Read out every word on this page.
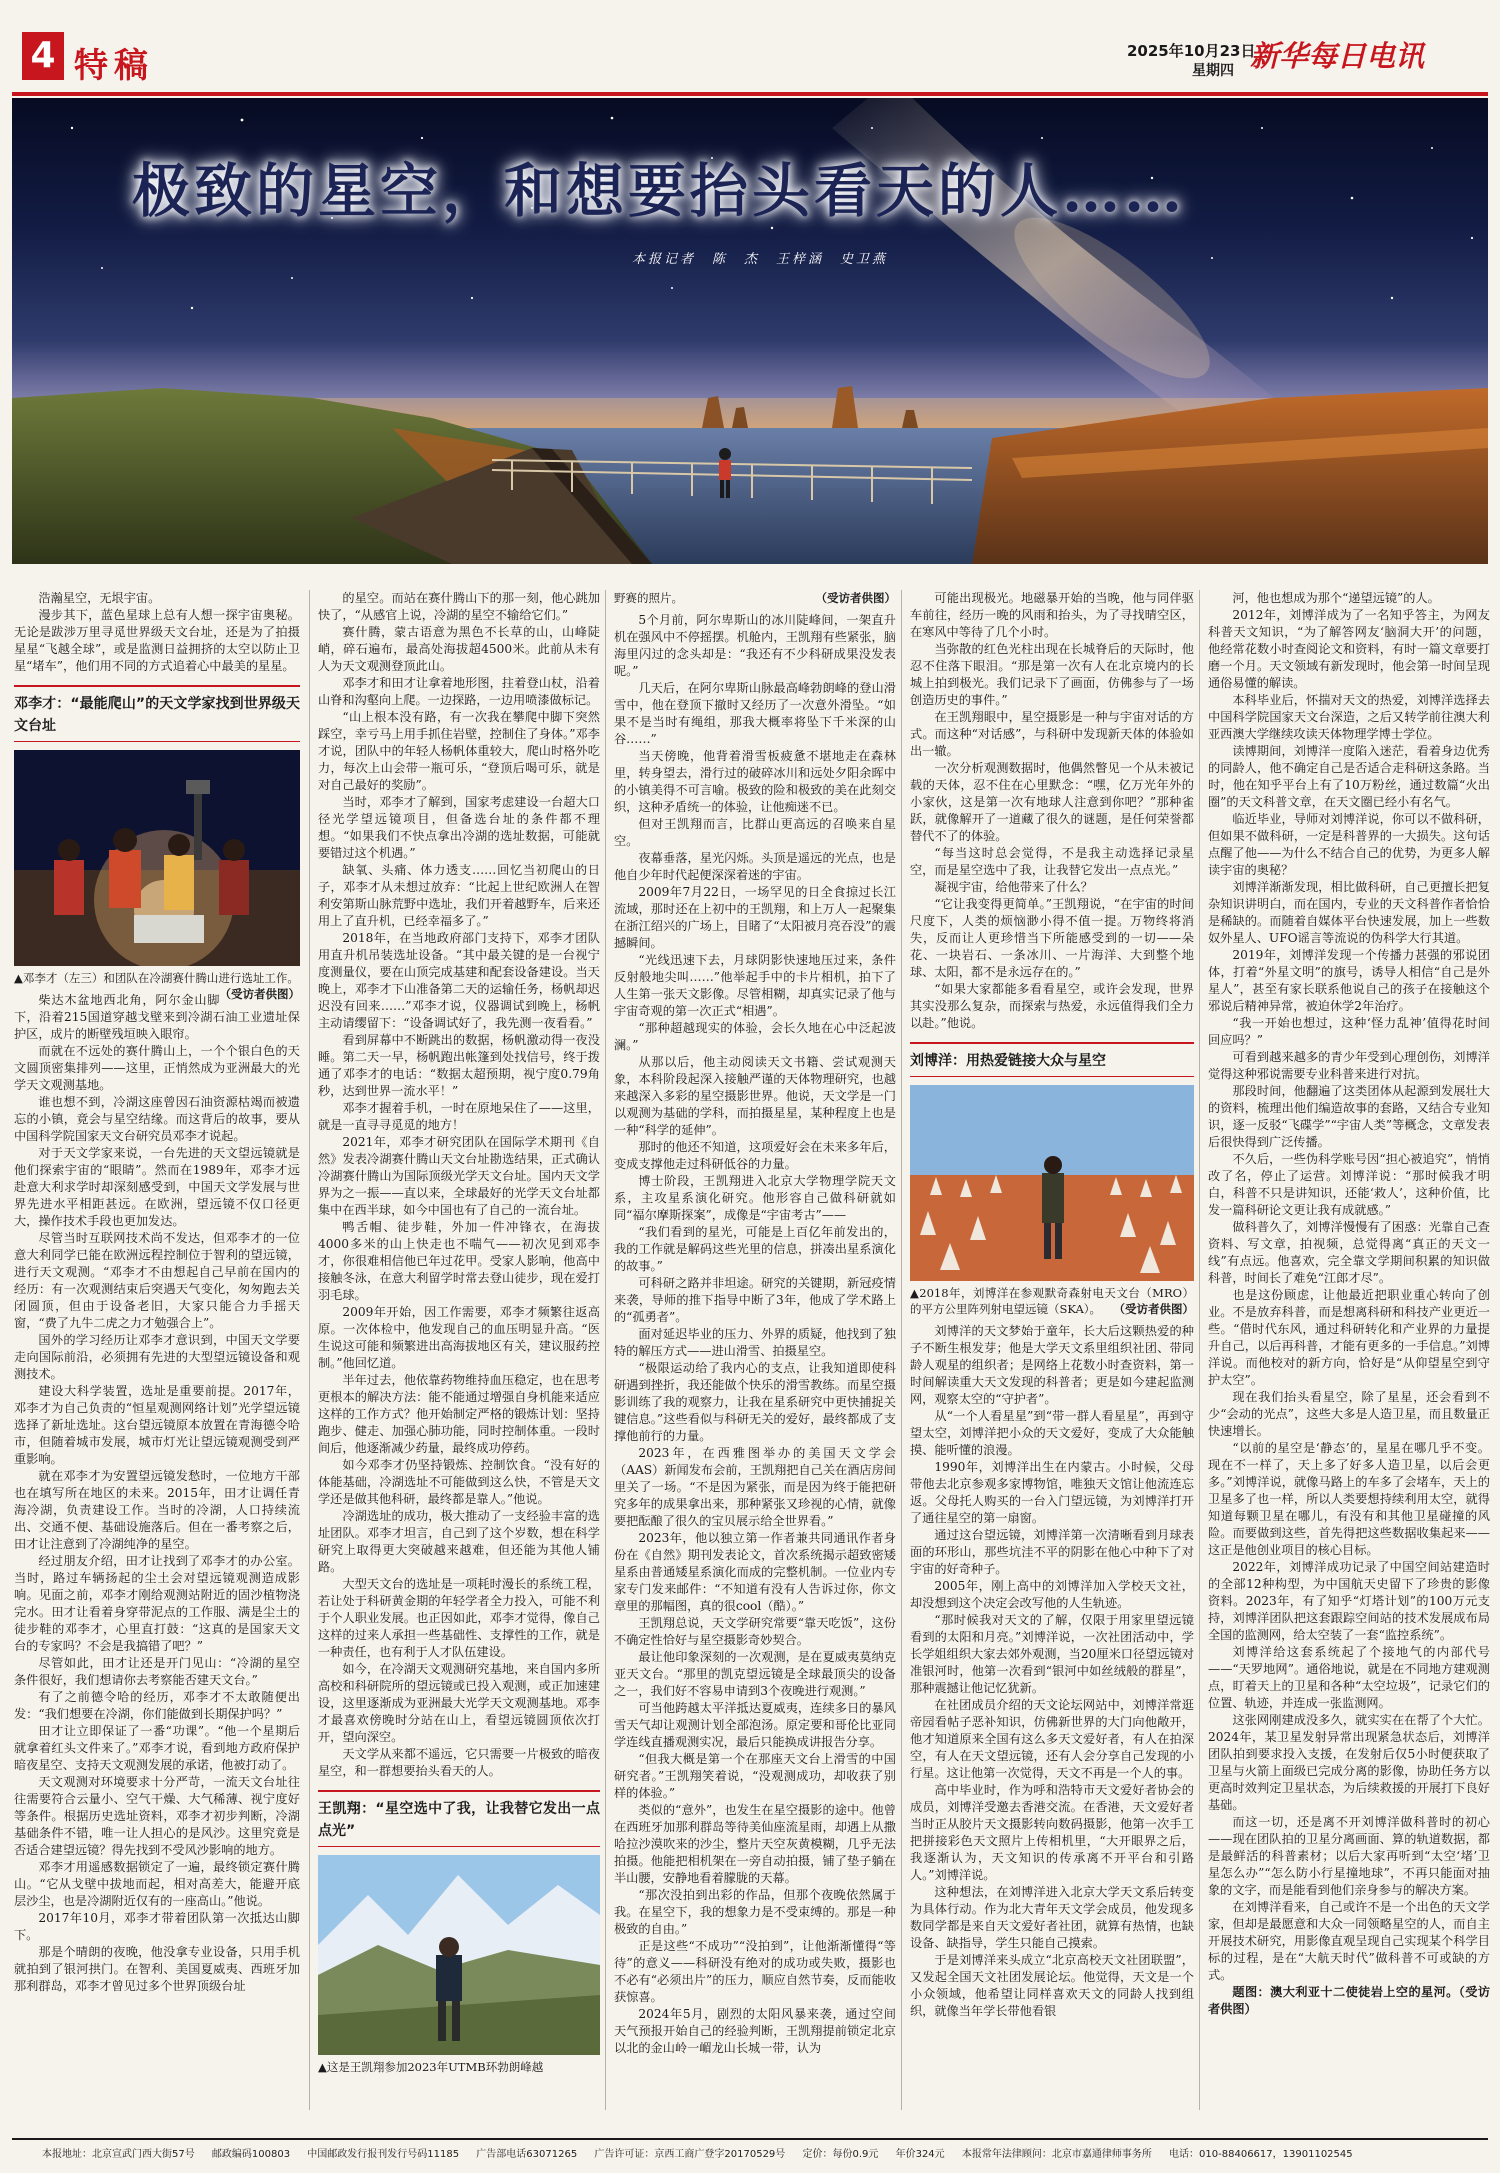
4 特稿	2025年10月23日
星期四 新华每日电讯
极致的星空，和想要抬头看天的人……
本报记者　陈　杰　王梓涵　史卫燕

浩瀚星空，无垠宇宙。

漫步其下，蓝色星球上总有人想一探宇宙奥秘。无论是跋涉万里寻觅世界级天文台址，还是为了拍摄星星“飞越全球”，或是监测日益拥挤的太空以防止卫星“堵车”，他们用不同的方式追着心中最美的星星。

邓李才：“最能爬山”的天文学家找到世界级天文台址
▲邓李才（左三）和团队在冷湖赛什腾山进行选址工作。
（受访者供图）

柴达木盆地西北角，阿尔金山脚下，沿着215国道穿越戈壁来到冷湖石油工业遗址保护区，成片的断壁残垣映入眼帘。

而就在不远处的赛什腾山上，一个个银白色的天文圆顶密集排列——这里，正悄然成为亚洲最大的光学天文观测基地。

谁也想不到，冷湖这座曾因石油资源枯竭而被遗忘的小镇，竟会与星空结缘。而这背后的故事，要从中国科学院国家天文台研究员邓李才说起。

对于天文学家来说，一台先进的天文望远镜就是他们探索宇宙的“眼睛”。然而在1989年，邓李才远赴意大利求学时却深刻感受到，中国天文学发展与世界先进水平相距甚远。在欧洲，望远镜不仅口径更大，操作技术手段也更加发达。

尽管当时互联网技术尚不发达，但邓李才的一位意大利同学已能在欧洲远程控制位于智利的望远镜，进行天文观测。“邓李才不由想起自己早前在国内的经历：有一次观测结束后突遇天气变化，匆匆跑去关闭圆顶，但由于设备老旧，大家只能合力手摇天窗，“费了九牛二虎之力才勉强合上”。

国外的学习经历让邓李才意识到，中国天文学要走向国际前沿，必须拥有先进的大型望远镜设备和观测技术。

建设大科学装置，选址是重要前提。2017年，邓李才为自己负责的“恒星观测网络计划”光学望远镜选择了新址选址。这台望远镜原本放置在青海德令哈市，但随着城市发展，城市灯光让望远镜观测受到严重影响。

就在邓李才为安置望远镜发愁时，一位地方干部也在填写所在地区的未来。2015年，田才让调任青海冷湖，负责建设工作。当时的冷湖，人口持续流出、交通不便、基础设施落后。但在一番考察之后，田才让注意到了冷湖纯净的星空。

经过朋友介绍，田才让找到了邓李才的办公室。当时，路过车辆扬起的尘土会对望远镜观测造成影响。见面之前，邓李才刚给观测站附近的固沙植物浇完水。田才让看着身穿带泥点的工作服、满是尘土的徒步鞋的邓李才，心里直打鼓：“这真的是国家天文台的专家吗？不会是我搞错了吧？”

尽管如此，田才让还是开门见山：“冷湖的星空条件很好，我们想请你去考察能否建天文台。”

有了之前德令哈的经历，邓李才不太敢随便出发：“我们想要在冷湖，你们能做到长期保护吗？”

田才让立即保证了一番“功课”。“他一个星期后就拿着红头文件来了。”邓李才说，看到地方政府保护暗夜星空、支持天文观测发展的承诺，他被打动了。

天文观测对环境要求十分严苛，一流天文台址往往需要符合云量小、空气干燥、大气稀薄、视宁度好等条件。根据历史选址资料，邓李才初步判断，冷湖基础条件不错，唯一让人担心的是风沙。这里究竟是否适合建望远镜？得先找到不受风沙影响的地方。

邓李才用遥感数据锁定了一遍，最终锁定赛什腾山。“它从戈壁中拔地而起，相对高差大，能避开底层沙尘，也是冷湖附近仅有的一座高山。”他说。

2017年10月，邓李才带着团队第一次抵达山脚下。

那是个晴朗的夜晚，他没拿专业设备，只用手机就拍到了银河拱门。在智利、美国夏威夷、西班牙加那利群岛，邓李才曾见过多个世界顶级台址

的星空。而站在赛什腾山下的那一刻，他心跳加快了，“从感官上说，冷湖的星空不输给它们。”

赛什腾，蒙古语意为黑色不长草的山，山峰陡峭，碎石遍布，最高处海拔超4500米。此前从未有人为天文观测登顶此山。

邓李才和田才让拿着地形图，拄着登山杖，沿着山脊和沟壑向上爬。一边探路，一边用喷漆做标记。

“山上根本没有路，有一次我在攀爬中脚下突然踩空，幸亏马上用手抓住岩壁，控制住了身体。”邓李才说，团队中的年轻人杨帆体重较大，爬山时格外吃力，每次上山会带一瓶可乐，“登顶后喝可乐，就是对自己最好的奖励”。

当时，邓李才了解到，国家考虑建设一台超大口径光学望远镜项目，但备选台址的条件都不理想。“如果我们不快点拿出冷湖的选址数据，可能就要错过这个机遇。”

缺氧、头痛、体力透支……回忆当初爬山的日子，邓李才从未想过放弃：“比起上世纪欧洲人在智利安第斯山脉荒野中选址，我们开着越野车，后来还用上了直升机，已经幸福多了。”

2018年，在当地政府部门支持下，邓李才团队用直升机吊装选址设备。“其中最关键的是一台视宁度测量仪，要在山顶完成基建和配套设备建设。当天晚上，邓李才下山准备第二天的运输任务，杨帆却迟迟没有回来……”邓李才说，仪器调试到晚上，杨帆主动请缨留下：“设备调试好了，我先测一夜看看。”

看到屏幕中不断跳出的数据，杨帆激动得一夜没睡。第二天一早，杨帆跑出帐篷到处找信号，终于拨通了邓李才的电话：“数据太超预期，视宁度0.79角秒，达到世界一流水平！”

邓李才握着手机，一时在原地呆住了——这里，就是一直寻寻觅觅的地方！

2021年，邓李才研究团队在国际学术期刊《自然》发表冷湖赛什腾山天文台址勘选结果，正式确认冷湖赛什腾山为国际顶级光学天文台址。国内天文学界为之一振——直以来，全球最好的光学天文台址都集中在西半球，如今中国也有了自己的一流台址。

鸭舌帽、徒步鞋，外加一件冲锋衣，在海拔4000多米的山上快走也不喘气——初次见到邓李才，你很难相信他已年过花甲。受家人影响，他高中接触冬泳，在意大利留学时常去登山徒步，现在爱打羽毛球。

2009年开始，因工作需要，邓李才频繁往返高原。一次体检中，他发现自己的血压明显升高。“医生说这可能和频繁进出高海拔地区有关，建议服药控制。”他回忆道。

半年过去，他依靠药物维持血压稳定，也在思考更根本的解决方法：能不能通过增强自身机能来适应这样的工作方式？他开始制定严格的锻炼计划：坚持跑步、健走、加强心肺功能，同时控制体重。一段时间后，他逐渐减少药量，最终成功停药。

如今邓李才仍坚持锻炼、控制饮食。“没有好的体能基础，冷湖选址不可能做到这么快，不管是天文学还是做其他科研，最终都是靠人。”他说。

冷湖选址的成功，极大推动了一支经验丰富的选址团队。邓李才坦言，自己到了这个岁数，想在科学研究上取得更大突破越来越难，但还能为其他人铺路。

大型天文台的选址是一项耗时漫长的系统工程，若让处于科研黄金期的年轻学者全力投入，可能不利于个人职业发展。也正因如此，邓李才觉得，像自己这样的过来人承担一些基础性、支撑性的工作，就是一种责任，也有利于人才队伍建设。

如今，在冷湖天文观测研究基地，来自国内多所高校和科研院所的望远镜或已投入观测，或正加速建设，这里逐渐成为亚洲最大光学天文观测基地。邓李才最喜欢傍晚时分站在山上，看望远镜圆顶依次打开，望向深空。

天文学从来都不遥远，它只需要一片极致的暗夜星空，和一群想要抬头看天的人。

王凯翔：“星空选中了我，让我替它发出一点点光”
▲这是王凯翔参加2023年UTMB环勃朗峰越
野赛的照片。	（受访者供图）

5个月前，阿尔卑斯山的冰川陡峰间，一架直升机在强风中不停摇摆。机舱内，王凯翔有些紧张，脑海里闪过的念头却是：“我还有不少科研成果没发表呢。”

几天后，在阿尔卑斯山脉最高峰勃朗峰的登山滑雪中，他在登顶下撤时又经历了一次意外滑坠。“如果不是当时有绳组，那我大概率将坠下千米深的山谷……”

当天傍晚，他背着滑雪板疲惫不堪地走在森林里，转身望去，滑行过的破碎冰川和远处夕阳余晖中的小镇美得不可言喻。极致的险和极致的美在此刻交织，这种矛盾统一的体验，让他痴迷不已。

但对王凯翔而言，比群山更高远的召唤来自星空。

夜幕垂落，星光闪烁。头顶是遥远的光点，也是他自少年时代起便深深着迷的宇宙。

2009年7月22日，一场罕见的日全食掠过长江流域，那时还在上初中的王凯翔，和上万人一起聚集在浙江绍兴的广场上，目睹了“太阳被月亮吞没”的震撼瞬间。

“光线迅速下去，月球阴影快速地压过来，条件反射般地尖叫……”他举起手中的卡片相机，拍下了人生第一张天文影像。尽管相糊，却真实记录了他与宇宙奇观的第一次正式“相遇”。

“那种超越现实的体验，会长久地在心中泛起波澜。”

从那以后，他主动阅读天文书籍、尝试观测天象，本科阶段起深入接触严谨的天体物理研究，也越来越深入多彩的星空摄影世界。他说，天文学是一门以观测为基础的学科，而拍摄星星，某种程度上也是一种“科学的延伸”。

那时的他还不知道，这项爱好会在未来多年后，变成支撑他走过科研低谷的力量。

博士阶段，王凯翔进入北京大学物理学院天文系，主攻星系演化研究。他形容自己做科研就如同“福尔摩斯探案”，成像是“宇宙考古”——

“我们看到的星光，可能是上百亿年前发出的，我的工作就是解码这些光里的信息，拼凑出星系演化的故事。”

可科研之路并非坦途。研究的关键期，新冠疫情来袭，导师的推下指导中断了3年，他成了学术路上的“孤勇者”。

面对延迟毕业的压力、外界的质疑，他找到了独特的解压方式——进山滑雪、拍摄星空。

“极限运动给了我内心的支点，让我知道即使科研遇到挫折，我还能做个快乐的滑雪教练。而星空摄影训练了我的观察力，让我在星系研究中更快捕捉关键信息。”这些看似与科研无关的爱好，最终都成了支撑他前行的力量。

2023年，在西雅图举办的美国天文学会（AAS）新闻发布会前，王凯翔把自己关在酒店房间里关了一场。“不是因为紧张，而是因为终于能把研究多年的成果拿出来，那种紧张又珍视的心情，就像要把酝酿了很久的宝贝展示给全世界看。”

2023年，他以独立第一作者兼共同通讯作者身份在《自然》期刊发表论文，首次系统揭示超致密矮星系由普通矮星系演化而成的完整机制。一位业内专家专门发来邮件：“不知道有没有人告诉过你，你文章里的那幅图，真的很cool（酷）。”

王凯翔总说，天文学研究常要“靠天吃饭”，这份不确定性恰好与星空摄影奇妙契合。

最让他印象深刻的一次观测，是在夏威夷莫纳克亚天文台。“那里的凯克望远镜是全球最顶尖的设备之一，我们好不容易申请到3个夜晚进行观测。”

可当他跨越太平洋抵达夏威夷，连续多日的暴风雪天气却让观测计划全部泡汤。原定要和哥伦比亚同学连线直播观测实况，最后只能换成讲报告分享。

“但我大概是第一个在那座天文台上滑雪的中国研究者。”王凯翔笑着说，“没观测成功，却收获了别样的体验。”

类似的“意外”，也发生在星空摄影的途中。他曾在西班牙加那利群岛等待美仙座流星雨，却遇上从撒哈拉沙漠吹来的沙尘，整片天空灰黄模糊，几乎无法拍摄。他能把相机架在一旁自动拍摄，铺了垫子躺在半山腰，安静地看着朦胧的天幕。

“那次没拍到出彩的作品，但那个夜晚依然属于我。在星空下，我的想象力是不受束缚的。那是一种极致的自由。”

正是这些“不成功”“没拍到”，让他渐渐懂得“等待”的意义——科研没有绝对的成功或失败，摄影也不必有“必须出片”的压力，顺应自然节奏，反而能收获惊喜。

2024年5月，剧烈的太阳风暴来袭，通过空间天气预报开始自己的经验判断，王凯翔提前锁定北京以北的金山岭一嵋龙山长城一带，认为

可能出现极光。地磁暴开始的当晚，他与同伴驱车前往，经历一晚的风雨和抬头，为了寻找晴空区，在寒风中等待了几个小时。

当弥散的红色光柱出现在长城脊后的天际时，他忍不住落下眼泪。“那是第一次有人在北京境内的长城上拍到极光。我们记录下了画面，仿佛参与了一场创造历史的事件。”

在王凯翔眼中，星空摄影是一种与宇宙对话的方式。而这种“对话感”，与科研中发现新天体的体验如出一辙。

一次分析观测数据时，他偶然瞥见一个从未被记载的天体，忍不住在心里默念：“嘿，亿万光年外的小家伙，这是第一次有地球人注意到你吧？”那种雀跃，就像解开了一道藏了很久的谜题，是任何荣誉都替代不了的体验。

“每当这时总会觉得，不是我主动选择记录星空，而是星空选中了我，让我替它发出一点点光。”

凝视宇宙，给他带来了什么？

“它让我变得更简单。”王凯翔说，“在宇宙的时间尺度下，人类的烦恼渺小得不值一提。万物终将消失，反而让人更珍惜当下所能感受到的一切——朵花、一块岩石、一条冰川、一片海洋、大到整个地球、太阳，都不是永远存在的。”

“如果大家都能多看看星空，或许会发现，世界其实没那么复杂，而探索与热爱，永远值得我们全力以赴。”他说。

刘博洋：用热爱链接大众与星空
▲2018年，刘博洋在参观默奇森射电天文台（MRO）的平方公里阵列射电望远镜（SKA）。 （受访者供图）

刘博洋的天文梦始于童年，长大后这颗热爱的种子不断生根发芽；他是大学天文系里组织社团、带同龄人观星的组织者；是网络上花数小时查资料，第一时间解读重大天文发现的科普者；更是如今建起监测网，观察太空的“守护者”。

从“一个人看星星”到“带一群人看星星”，再到守望太空，刘博洋把小众的天文爱好，变成了大众能触摸、能听懂的浪漫。

1990年，刘博洋出生在内蒙古。小时候，父母带他去北京参观多家博物馆，唯独天文馆让他流连忘返。父母托人购买的一台入门望远镜，为刘博洋打开了通往星空的第一扇窗。

通过这台望远镜，刘博洋第一次清晰看到月球表面的环形山，那些坑洼不平的阴影在他心中种下了对宇宙的好奇种子。

2005年，刚上高中的刘博洋加入学校天文社，却没想到这个决定会改写他的人生轨迹。

“那时候我对天文的了解，仅限于用家里望远镜看到的太阳和月亮。”刘博洋说，一次社团活动中，学长学姐组织大家去郊外观测，当20厘米口径望远镜对准银河时，他第一次看到“银河中如丝绒般的群星”，那种震撼让他记忆犹新。

在社团成员介绍的天文论坛网站中，刘博洋常逛帝园看帖子恶补知识，仿佛新世界的大门向他敞开，他才知道原来全国有这么多天文爱好者，有人在拍深空，有人在天文望远镜，还有人会分享自己发现的小行星。这让他第一次觉得，天文不再是一个人的事。

高中毕业时，作为呼和浩特市天文爱好者协会的成员，刘博洋受邀去香港交流。在香港，天文爱好者当时正从胶片天文摄影转向数码摄影，他第一次手工把拼接彩色天文照片上传相机里，“大开眼界之后，我逐渐认为，天文知识的传承离不开平台和引路人。”刘博洋说。

这种想法，在刘博洋进入北京大学天文系后转变为具体行动。作为北大青年天文学会成员，他发现多数同学都是来自天文爱好者社团，就算有热情，也缺设备、缺指导，学生只能自己摸索。

于是刘博洋来头成立“北京高校天文社团联盟”，又发起全国天文社团发展论坛。他觉得，天文是一个小众领域，他希望让同样喜欢天文的同龄人找到组织，就像当年学长带他看银

河，他也想成为那个“递望远镜”的人。

2012年，刘博洋成为了一名知乎答主，为网友科普天文知识，“为了解答网友‘脑洞大开’的问题，他经常花数小时查阅论文和资料，有时一篇文章要打磨一个月。天文领域有新发现时，他会第一时间呈现通俗易懂的解读。

本科毕业后，怀揣对天文的热爱，刘博洋选择去中国科学院国家天文台深造，之后又转学前往澳大利亚西澳大学继续攻读天体物理学博士学位。

读博期间，刘博洋一度陷入迷茫，看着身边优秀的同龄人，他不确定自己是否适合走科研这条路。当时，他在知乎平台上有了10万粉丝，通过数篇“火出圈”的天文科普文章，在天文圈已经小有名气。

临近毕业，导师对刘博洋说，你可以不做科研，但如果不做科研，一定是科普界的一大损失。这句话点醒了他——为什么不结合自己的优势，为更多人解读宇宙的奥秘？

刘博洋渐渐发现，相比做科研，自己更擅长把复杂知识讲明白，而在国内，专业的天文科普作者恰恰是稀缺的。而随着自媒体平台快速发展，加上一些数奴外星人、UFO谣言等流说的伪科学大行其道。

2019年，刘博洋发现一个传播力甚强的邪说团体，打着“外星文明”的旗号，诱导人相信“自己是外星人”，甚至有家长联系他说自己的孩子在接触这个邪说后精神异常，被迫休学2年治疗。

“我一开始也想过，这种‘怪力乱神’值得花时间回应吗？”

可看到越来越多的青少年受到心理创伤，刘博洋觉得这种邪说需要专业科普来进行对抗。

那段时间，他翻遍了这类团体从起源到发展壮大的资料，梳理出他们编造故事的套路，又结合专业知识，逐一反驳“飞碟学”“宇宙人类”等概念，文章发表后很快得到广泛传播。

不久后，一些伪科学账号因“担心被追究”，悄悄改了名，停止了运营。刘博洋说：“那时候我才明白，科普不只是讲知识，还能‘救人’，这种价值，比发一篇科研论文更让我有成就感。”

做科普久了，刘博洋慢慢有了困惑：光靠自己查资料、写文章，拍视频，总觉得离“真正的天文一线”有点远。他喜欢，完全靠文学期间积累的知识做科普，时间长了难免“江郎才尽”。

也是这份顾虑，让他最近把职业重心转向了创业。不是放弃科普，而是想离科研和科技产业更近一些。“借时代东风，通过科研转化和产业界的力量提升自己，以后再科普，才能有更多的一手信息。”刘博洋说。而他校对的新方向，恰好是“从仰望星空到守护太空”。

现在我们抬头看星空，除了星星，还会看到不少“会动的光点”，这些大多是人造卫星，而且数量正快速增长。

“以前的星空是‘静态’的，星星在哪几乎不变。现在不一样了，天上多了好多人造卫星，以后会更多。”刘博洋说，就像马路上的车多了会堵车，天上的卫星多了也一样，所以人类要想持续利用太空，就得知道每颗卫星在哪儿，有没有和其他卫星碰撞的风险。而要做到这些，首先得把这些数据收集起来——这正是他创业项目的核心目标。

2022年，刘博洋成功记录了中国空间站建造时的全部12种构型，为中国航天史留下了珍贵的影像资料。2023年，有了知乎“灯塔计划”的100万元支持，刘博洋团队把这套跟踪空间站的技术发展成布局全国的监测网，给太空装了一套“监控系统”。

刘博洋给这套系统起了个接地气的内部代号——“天罗地网”。通俗地说，就是在不同地方建观测点，盯着天上的卫星和各种“太空垃圾”，记录它们的位置、轨迹，并连成一张监测网。

这张网刚建成没多久，就实实在在帮了个大忙。2024年，某卫星发射异常出现紧急状态后，刘博洋团队拍到要求投入支援，在发射后仅5小时便获取了卫星与火箭上面级已完成分离的影像，协助任务方以更高时效判定卫星状态，为后续救援的开展打下良好基础。

而这一切，还是离不开刘博洋做科普时的初心——现在团队拍的卫星分离画面、算的轨道数据，都是最鲜活的科普素材；以后大家再听到“太空‘堵’卫星怎么办”“怎么防小行星撞地球”，不再只能面对抽象的文字，而是能看到他们亲身参与的解决方案。

在刘博洋看来，自己或许不是一个出色的天文学家，但却是最愿意和大众一同领略星空的人，而自主开展技术研究，用影像直观呈现自己实现某个科学目标的过程，是在“大航天时代”做科普不可或缺的方式。

题图：澳大利亚十二使徒岩上空的星河。（受访者供图）

本报地址：北京宣武门西大街57号 邮政编码100803 中国邮政发行报刊发行号码11185 广告部电话63071265 广告许可证：京西工商广登字20170529号 定价：每份0.9元 年价324元 本报常年法律顾问：北京市嘉通律师事务所 电话：010-88406617，13901102545
